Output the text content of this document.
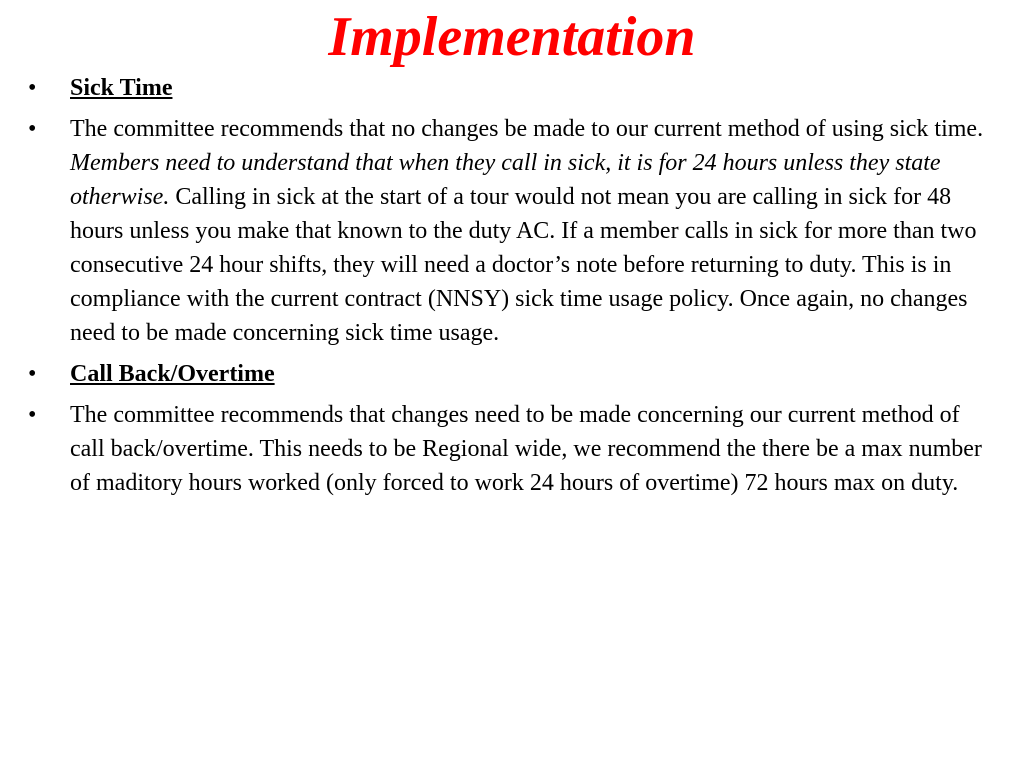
Implementation
•	Sick Time
•	The committee recommends that no changes be made to our current method of using sick time. Members need to understand that when they call in sick, it is for 24 hours unless they state otherwise. Calling in sick at the start of a tour would not mean you are calling in sick for 48 hours unless you make that known to the duty AC. If a member calls in sick for more than two consecutive 24 hour shifts, they will need a doctor’s note before returning to duty. This is in compliance with the current contract (NNSY) sick time usage policy. Once again, no changes need to be made concerning sick time usage.
•	Call Back/Overtime
•	The committee recommends that changes need to be made concerning our current method of call back/overtime. This needs to be Regional wide, we recommend the there be a max number of maditory hours worked (only forced to work 24 hours of overtime) 72 hours max on duty.
